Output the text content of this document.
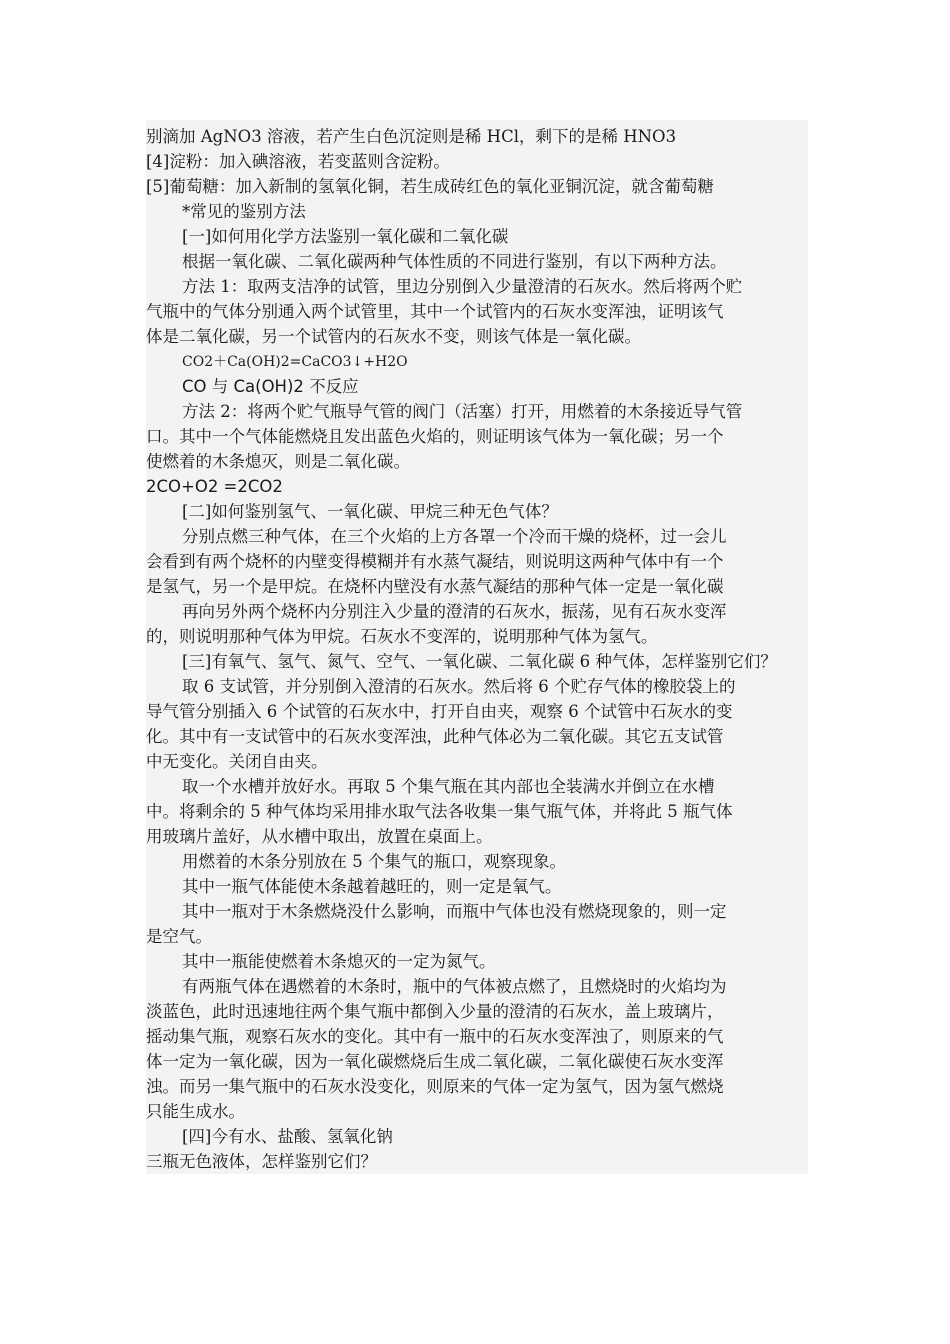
别滴加 AgNO3 溶液，若产生白色沉淀则是稀 HCl，剩下的是稀 HNO3
[4]淀粉：加入碘溶液，若变蓝则含淀粉。
[5]葡萄糖：加入新制的氢氧化铜，若生成砖红色的氧化亚铜沉淀，就含葡萄糖
*常见的鉴别方法
[一]如何用化学方法鉴别一氧化碳和二氧化碳
根据一氧化碳、二氧化碳两种气体性质的不同进行鉴别，有以下两种方法。
方法 1：取两支洁净的试管，里边分别倒入少量澄清的石灰水。然后将两个贮
气瓶中的气体分别通入两个试管里，其中一个试管内的石灰水变浑浊，证明该气
体是二氧化碳，另一个试管内的石灰水不变，则该气体是一氧化碳。
CO2＋Ca(OH)2=CaCO3↓+H2O
CO 与 Ca(OH)2 不反应
方法 2：将两个贮气瓶导气管的阀门（活塞）打开，用燃着的木条接近导气管
口。其中一个气体能燃烧且发出蓝色火焰的，则证明该气体为一氧化碳；另一个
使燃着的木条熄灭，则是二氧化碳。
2CO+O2 =2CO2
[二]如何鉴别氢气、一氧化碳、甲烷三种无色气体？
分别点燃三种气体，在三个火焰的上方各罩一个冷而干燥的烧杯，过一会儿
会看到有两个烧杯的内壁变得模糊并有水蒸气凝结，则说明这两种气体中有一个
是氢气，另一个是甲烷。在烧杯内壁没有水蒸气凝结的那种气体一定是一氧化碳
再向另外两个烧杯内分别注入少量的澄清的石灰水，振荡，见有石灰水变浑
的，则说明那种气体为甲烷。石灰水不变浑的，说明那种气体为氢气。
[三]有氧气、氢气、氮气、空气、一氧化碳、二氧化碳 6 种气体，怎样鉴别它们？
取 6 支试管，并分别倒入澄清的石灰水。然后将 6 个贮存气体的橡胶袋上的
导气管分别插入 6 个试管的石灰水中，打开自由夹，观察 6 个试管中石灰水的变
化。其中有一支试管中的石灰水变浑浊，此种气体必为二氧化碳。其它五支试管
中无变化。关闭自由夹。
取一个水槽并放好水。再取 5 个集气瓶在其内部也全装满水并倒立在水槽
中。将剩余的 5 种气体均采用排水取气法各收集一集气瓶气体，并将此 5 瓶气体
用玻璃片盖好，从水槽中取出，放置在桌面上。
用燃着的木条分别放在 5 个集气的瓶口，观察现象。
其中一瓶气体能使木条越着越旺的，则一定是氧气。
其中一瓶对于木条燃烧没什么影响，而瓶中气体也没有燃烧现象的，则一定
是空气。
其中一瓶能使燃着木条熄灭的一定为氮气。
有两瓶气体在遇燃着的木条时，瓶中的气体被点燃了，且燃烧时的火焰均为
淡蓝色，此时迅速地往两个集气瓶中都倒入少量的澄清的石灰水，盖上玻璃片，
摇动集气瓶，观察石灰水的变化。其中有一瓶中的石灰水变浑浊了，则原来的气
体一定为一氧化碳，因为一氧化碳燃烧后生成二氧化碳，二氧化碳使石灰水变浑
浊。而另一集气瓶中的石灰水没变化，则原来的气体一定为氢气，因为氢气燃烧
只能生成水。
[四]今有水、盐酸、氢氧化钠
三瓶无色液体，怎样鉴别它们？
